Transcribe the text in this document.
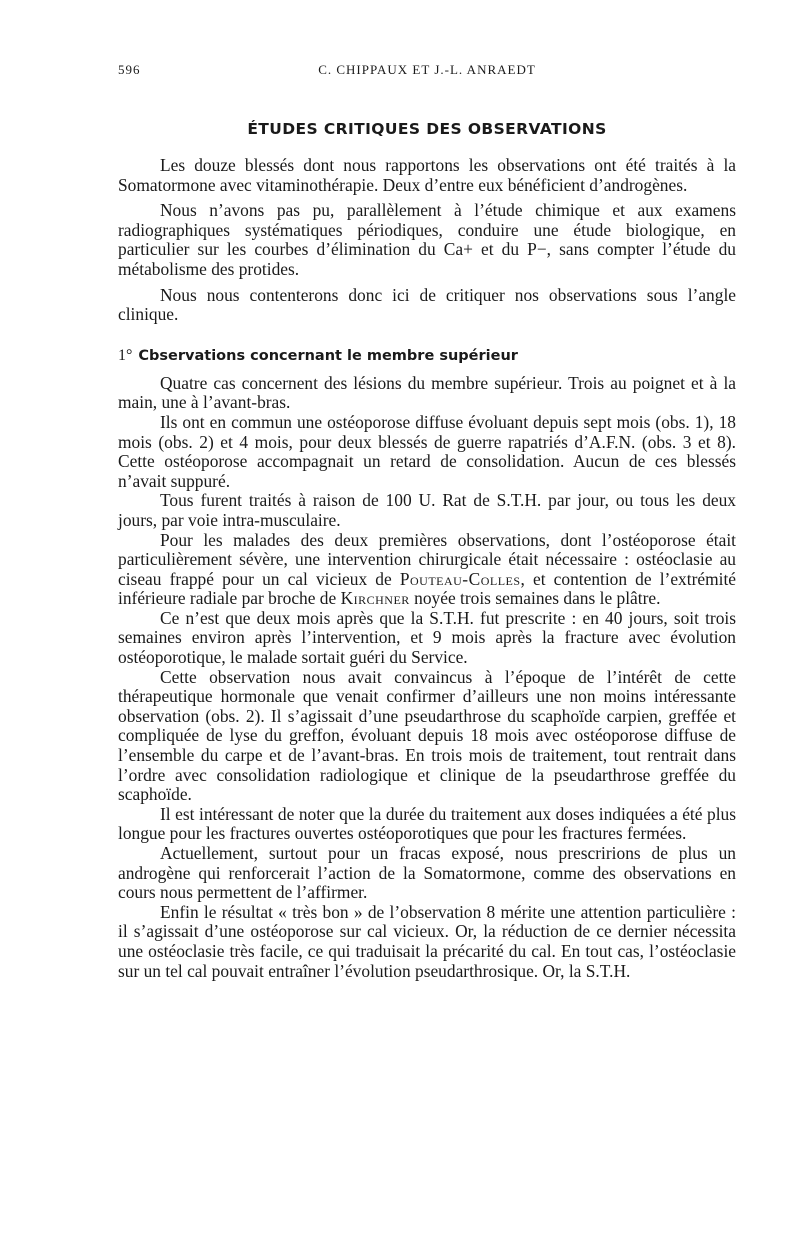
596	C. CHIPPAUX ET J.-L. ANRAEDT
ÉTUDES CRITIQUES DES OBSERVATIONS

Les douze blessés dont nous rapportons les observations ont été traités à la Somatormone avec vitaminothérapie. Deux d’entre eux bénéficient d’androgènes.

Nous n’avons pas pu, parallèlement à l’étude chimique et aux examens radiographiques systématiques périodiques, conduire une étude biologique, en particulier sur les courbes d’élimination du Ca+ et du P−, sans compter l’étude du métabolisme des protides.

Nous nous contenterons donc ici de critiquer nos observations sous l’angle clinique.

1° Cbservations concernant le membre supérieur

Quatre cas concernent des lésions du membre supérieur. Trois au poignet et à la main, une à l’avant-bras.

Ils ont en commun une ostéoporose diffuse évoluant depuis sept mois (obs. 1), 18 mois (obs. 2) et 4 mois, pour deux blessés de guerre rapatriés d’A.F.N. (obs. 3 et 8). Cette ostéoporose accompagnait un retard de consolidation. Aucun de ces blessés n’avait suppuré.

Tous furent traités à raison de 100 U. Rat de S.T.H. par jour, ou tous les deux jours, par voie intra-musculaire.

Pour les malades des deux premières observations, dont l’ostéoporose était particulièrement sévère, une intervention chirurgicale était nécessaire : ostéoclasie au ciseau frappé pour un cal vicieux de Pouteau-Colles, et contention de l’extrémité inférieure radiale par broche de Kirchner noyée trois semaines dans le plâtre.

Ce n’est que deux mois après que la S.T.H. fut prescrite : en 40 jours, soit trois semaines environ après l’intervention, et 9 mois après la fracture avec évolution ostéoporotique, le malade sortait guéri du Service.

Cette observation nous avait convaincus à l’époque de l’intérêt de cette thérapeutique hormonale que venait confirmer d’ailleurs une non moins intéressante observation (obs. 2). Il s’agissait d’une pseudarthrose du scaphoïde carpien, greffée et compliquée de lyse du greffon, évoluant depuis 18 mois avec ostéoporose diffuse de l’ensemble du carpe et de l’avant-bras. En trois mois de traitement, tout rentrait dans l’ordre avec consolidation radiologique et clinique de la pseudarthrose greffée du scaphoïde.

Il est intéressant de noter que la durée du traitement aux doses indiquées a été plus longue pour les fractures ouvertes ostéoporotiques que pour les fractures fermées.

Actuellement, surtout pour un fracas exposé, nous prescririons de plus un androgène qui renforcerait l’action de la Somatormone, comme des observations en cours nous permettent de l’affirmer.

Enfin le résultat « très bon » de l’observation 8 mérite une attention particulière : il s’agissait d’une ostéoporose sur cal vicieux. Or, la réduction de ce dernier nécessita une ostéoclasie très facile, ce qui traduisait la précarité du cal. En tout cas, l’ostéoclasie sur un tel cal pouvait entraîner l’évolution pseudarthrosique. Or, la S.T.H.
